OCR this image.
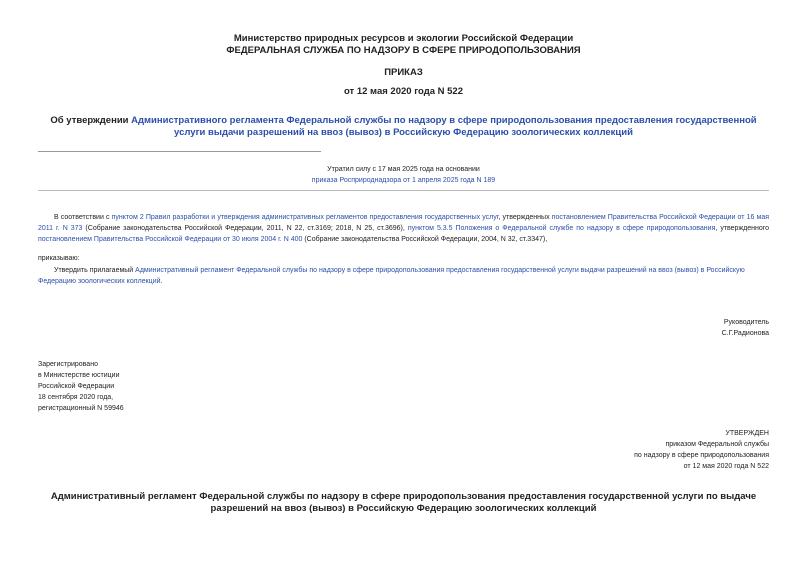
Министерство природных ресурсов и экологии Российской Федерации
ФЕДЕРАЛЬНАЯ СЛУЖБА ПО НАДЗОРУ В СФЕРЕ ПРИРОДОПОЛЬЗОВАНИЯ
ПРИКАЗ
от 12 мая 2020 года N 522
Об утверждении Административного регламента Федеральной службы по надзору в сфере природопользования предоставления государственной услуги выдачи разрешений на ввоз (вывоз) в Российскую Федерацию зоологических коллекций
Утратил силу с 17 мая 2025 года на основании
приказа Росприроднадзора от 1 апреля 2025 года N 189
В соответствии с пунктом 2 Правил разработки и утверждения административных регламентов предоставления государственных услуг, утвержденных постановлением Правительства Российской Федерации от 16 мая 2011 г. N 373 (Собрание законодательства Российской Федерации, 2011, N 22, ст.3169; 2018, N 25, ст.3696), пунктом 5.3.5 Положения о Федеральной службе по надзору в сфере природопользования, утвержденного постановлением Правительства Российской Федерации от 30 июля 2004 г. N 400 (Собрание законодательства Российской Федерации, 2004, N 32, ст.3347),
приказываю:
Утвердить прилагаемый Административный регламент Федеральной службы по надзору в сфере природопользования предоставления государственной услуги выдачи разрешений на ввоз (вывоз) в Российскую Федерацию зоологических коллекций.
Руководитель
С.Г.Радионова
Зарегистрировано
в Министерстве юстиции
Российской Федерации
18 сентября 2020 года,
регистрационный N 59946
УТВЕРЖДЕН
приказом Федеральной службы
по надзору в сфере природопользования
от 12 мая 2020 года N 522
Административный регламент Федеральной службы по надзору в сфере природопользования предоставления государственной услуги по выдаче разрешений на ввоз (вывоз) в Российскую Федерацию зоологических коллекций
